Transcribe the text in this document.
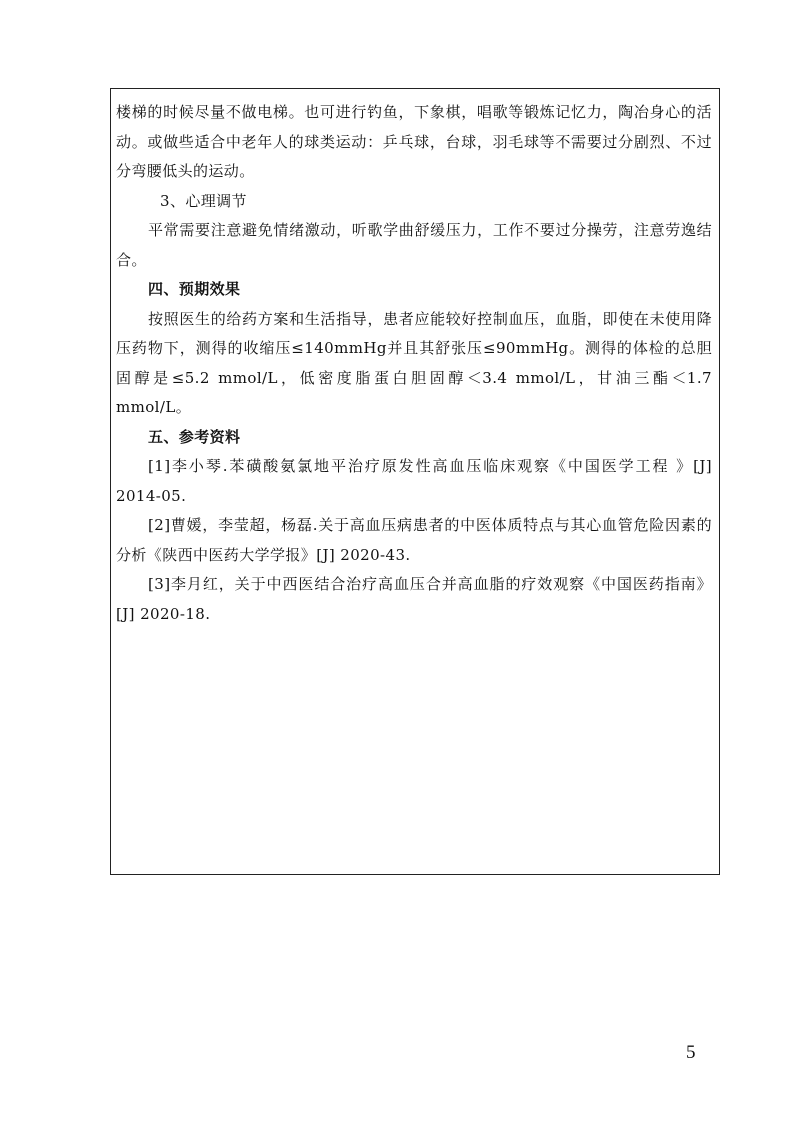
楼梯的时候尽量不做电梯。也可进行钓鱼，下象棋，唱歌等锻炼记忆力，陶冶身心的活动。或做些适合中老年人的球类运动：乒乓球，台球，羽毛球等不需要过分剧烈、不过分弯腰低头的运动。

3、心理调节

平常需要注意避免情绪激动，听歌学曲舒缓压力，工作不要过分操劳，注意劳逸结合。

四、预期效果

按照医生的给药方案和生活指导，患者应能较好控制血压，血脂，即使在未使用降压药物下，测得的收缩压≤140mmHg并且其舒张压≤90mmHg。测得的体检的总胆固醇是≤5.2 mmol/L，低密度脂蛋白胆固醇＜3.4 mmol/L，甘油三酯＜1.7 mmol/L。

五、参考资料

[1]李小琴.苯磺酸氨氯地平治疗原发性高血压临床观察《中国医学工程 》[J] 2014-05.

[2]曹媛，李莹超，杨磊.关于高血压病患者的中医体质特点与其心血管危险因素的分析《陕西中医药大学学报》[J] 2020-43.

[3]李月红，关于中西医结合治疗高血压合并高血脂的疗效观察《中国医药指南》[J] 2020-18.

5
